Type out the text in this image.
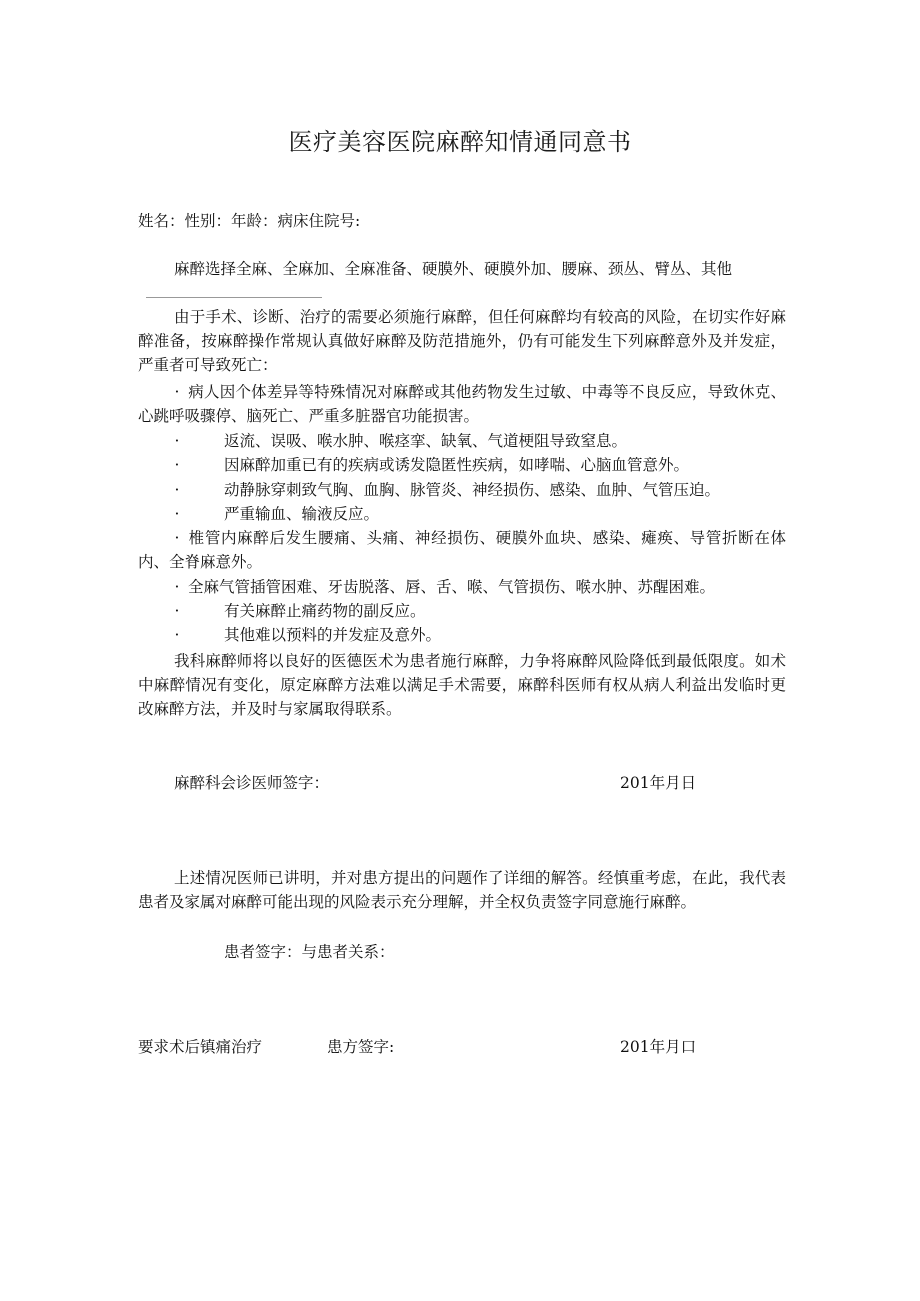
医疗美容医院麻醉知情通同意书
姓名：性别：年龄：病床住院号:
麻醉选择全麻、全麻加、全麻准备、硬膜外、硬膜外加、腰麻、颈丛、臂丛、其他
由于手术、诊断、治疗的需要必须施行麻醉，但任何麻醉均有较高的风险，在切实作好麻醉准备，按麻醉操作常规认真做好麻醉及防范措施外，仍有可能发生下列麻醉意外及并发症，严重者可导致死亡：
· 病人因个体差异等特殊情况对麻醉或其他药物发生过敏、中毒等不良反应，导致休克、心跳呼吸骤停、脑死亡、严重多脏器官功能损害。
·	返流、误吸、喉水肿、喉痉挛、缺氧、气道梗阻导致窒息。
·	因麻醉加重已有的疾病或诱发隐匿性疾病，如哮喘、心脑血管意外。
·	动静脉穿刺致气胸、血胸、脉管炎、神经损伤、感染、血肿、气管压迫。
·	严重输血、输液反应。
· 椎管内麻醉后发生腰痛、头痛、神经损伤、硬膜外血块、感染、瘫痪、导管折断在体内、全脊麻意外。
· 全麻气管插管困难、牙齿脱落、唇、舌、喉、气管损伤、喉水肿、苏醒困难。
·	有关麻醉止痛药物的副反应。
·	其他难以预料的并发症及意外。
我科麻醉师将以良好的医德医术为患者施行麻醉，力争将麻醉风险降低到最低限度。如术中麻醉情况有变化，原定麻醉方法难以满足手术需要，麻醉科医师有权从病人利益出发临时更改麻醉方法，并及时与家属取得联系。
麻醉科会诊医师签字：	201年月日
上述情况医师已讲明，并对患方提出的问题作了详细的解答。经慎重考虑，在此，我代表患者及家属对麻醉可能出现的风险表示充分理解，并全权负责签字同意施行麻醉。
患者签字：与患者关系：
要求术后镇痛治疗	患方签字:	201年月口
